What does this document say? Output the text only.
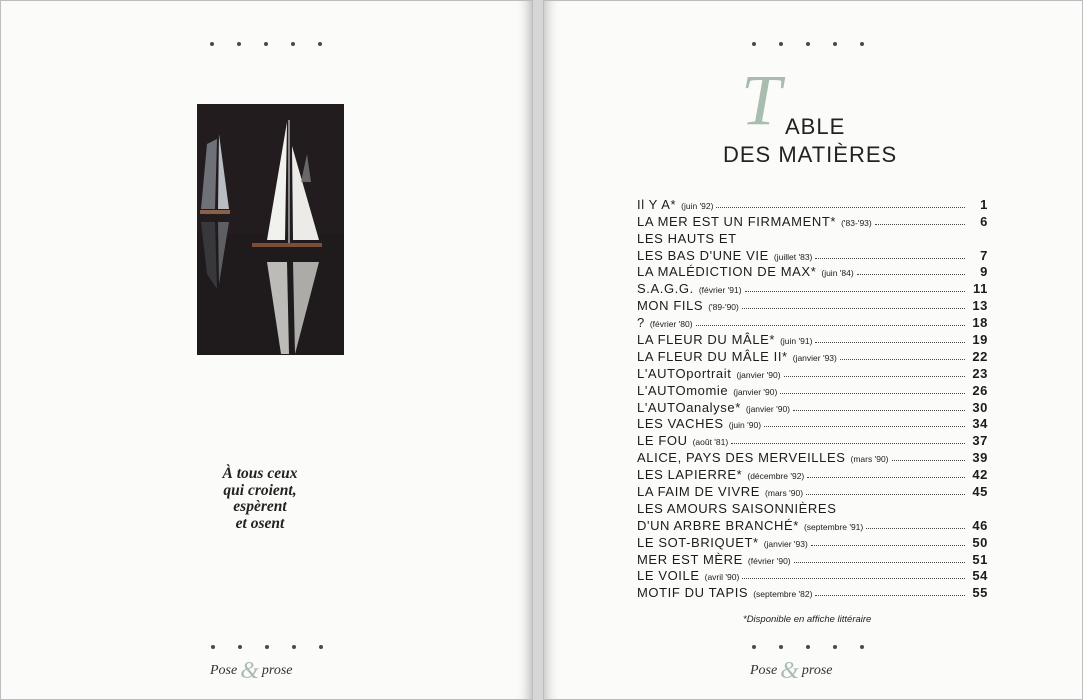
À tous ceux
qui croient,
espèrent
et osent
Pose & prose
T ABLE
DES MATIÈRES
Il Y A* (juin '92)	1
LA MER EST UN FIRMAMENT* ('83-'93)	6
LES HAUTS ET
LES BAS D'UNE VIE (juillet '83)	7
LA MALÉDICTION DE MAX* (juin '84)	9
S.A.G.G. (février '91)	11
MON FILS ('89-'90)	13
? (février '80)	18
LA FLEUR DU MÂLE* (juin '91)	19
LA FLEUR DU MÂLE II* (janvier '93)	22
L'AUTOportrait (janvier '90)	23
L'AUTOmomie (janvier '90)	26
L'AUTOanalyse* (janvier '90)	30
LES VACHES (juin '90)	34
LE FOU (août '81)	37
ALICE, PAYS DES MERVEILLES (mars '90)	39
LES LAPIERRE* (décembre '92)	42
LA FAIM DE VIVRE (mars '90)	45
LES AMOURS SAISONNIÈRES
D'UN ARBRE BRANCHÉ* (septembre '91)	46
LE SOT-BRIQUET* (janvier '93)	50
MER EST MÈRE (février '90)	51
LE VOILE (avril '90)	54
MOTIF DU TAPIS (septembre '82)	55
*Disponible en affiche littéraire
Pose & prose
